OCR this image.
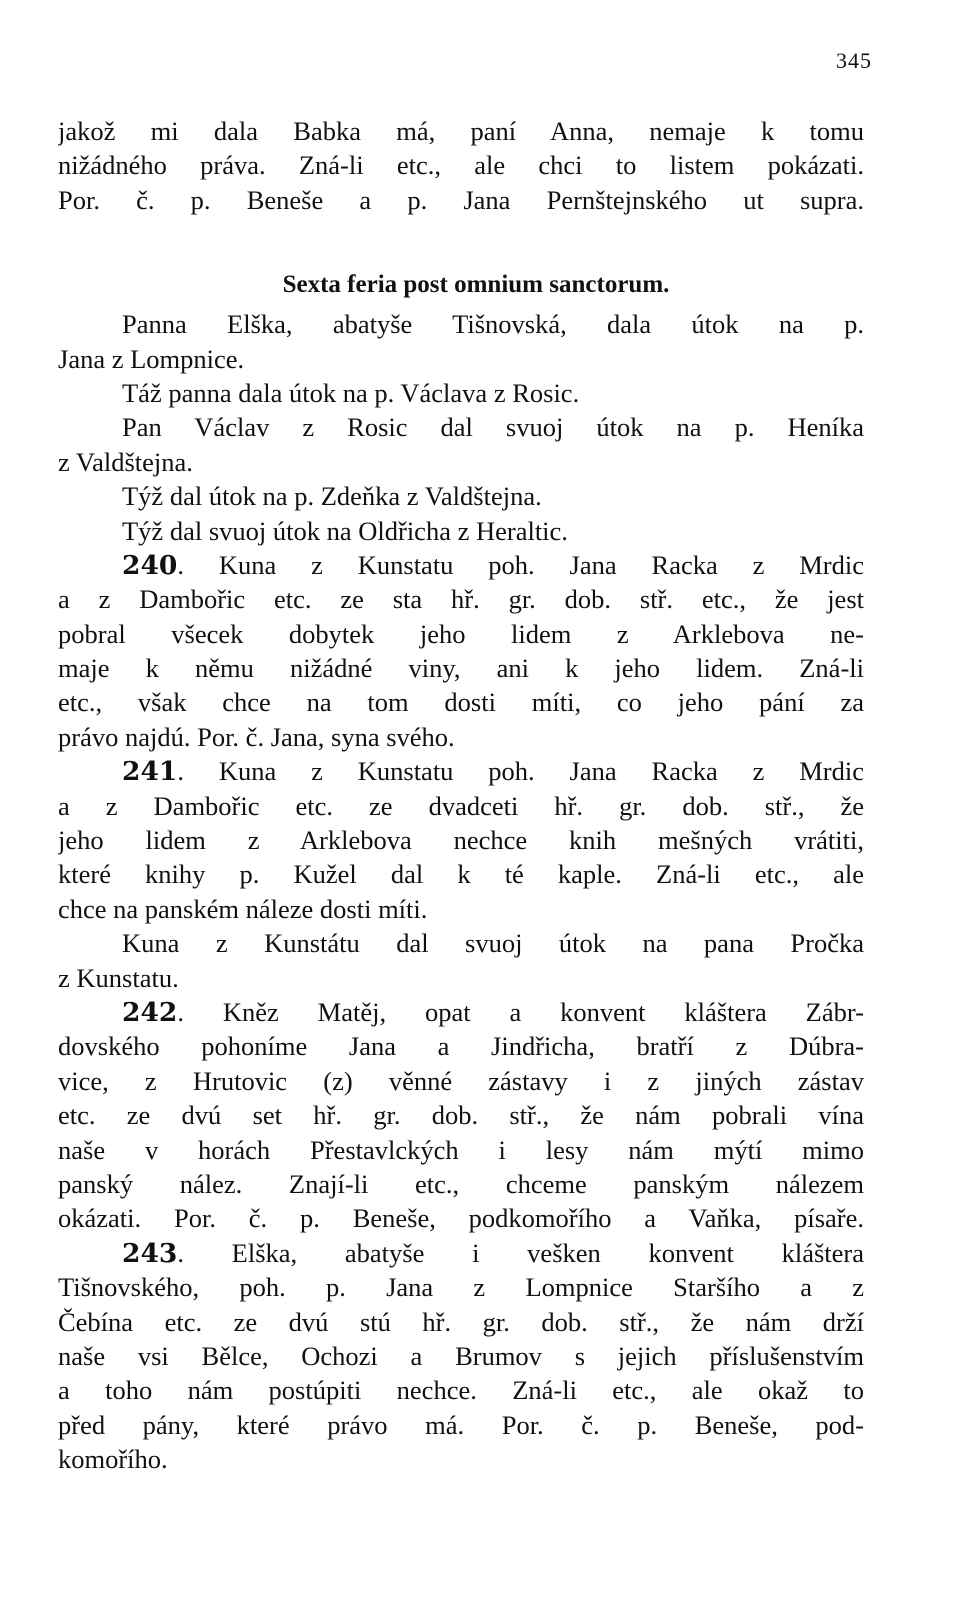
345
jakož mi dala Babka má, paní Anna, nemaje k tomu
nižádného práva. Zná-li etc., ale chci to listem pokázati.
Por. č. p. Beneše a p. Jana Pernštejnského ut supra.
Sexta feria post omnium sanctorum.
Panna Elška, abatyše Tišnovská, dala útok na p.
Jana z Lompnice.
Táž panna dala útok na p. Václava z Rosic.
Pan Václav z Rosic dal svuoj útok na p. Heníka
z Valdštejna.
Týž dal útok na p. Zdeňka z Valdštejna.
Týž dal svuoj útok na Oldřicha z Heraltic.
240. Kuna z Kunstatu poh. Jana Racka z Mrdic
a z Dambořic etc. ze sta hř. gr. dob. stř. etc., že jest
pobral všecek dobytek jeho lidem z Arklebova ne-
maje k němu nižádné viny, ani k jeho lidem. Zná-li
etc., však chce na tom dosti míti, co jeho pání za
právo najdú. Por. č. Jana, syna svého.
241. Kuna z Kunstatu poh. Jana Racka z Mrdic
a z Dambořic etc. ze dvadceti hř. gr. dob. stř., že
jeho lidem z Arklebova nechce knih mešných vrátiti,
které knihy p. Kužel dal k té kaple. Zná-li etc., ale
chce na panském náleze dosti míti.
Kuna z Kunstátu dal svuoj útok na pana Pročka
z Kunstatu.
242. Kněz Matěj, opat a konvent kláštera Zábr-
dovského pohoníme Jana a Jindřicha, bratří z Dúbra-
vice, z Hrutovic (z) věnné zástavy i z jiných zástav
etc. ze dvú set hř. gr. dob. stř., že nám pobrali vína
naše v horách Přestavlckých i lesy nám mýtí mimo
panský nález. Znají-li etc., chceme panským nálezem
okázati. Por. č. p. Beneše, podkomořího a Vaňka, písaře.
243. Elška, abatyše i vešken konvent kláštera
Tišnovského, poh. p. Jana z Lompnice Staršího a z
Čebína etc. ze dvú stú hř. gr. dob. stř., že nám drží
naše vsi Bělce, Ochozi a Brumov s jejich příslušenstvím
a toho nám postúpiti nechce. Zná-li etc., ale okaž to
před pány, které právo má. Por. č. p. Beneše, pod-
komořího.
